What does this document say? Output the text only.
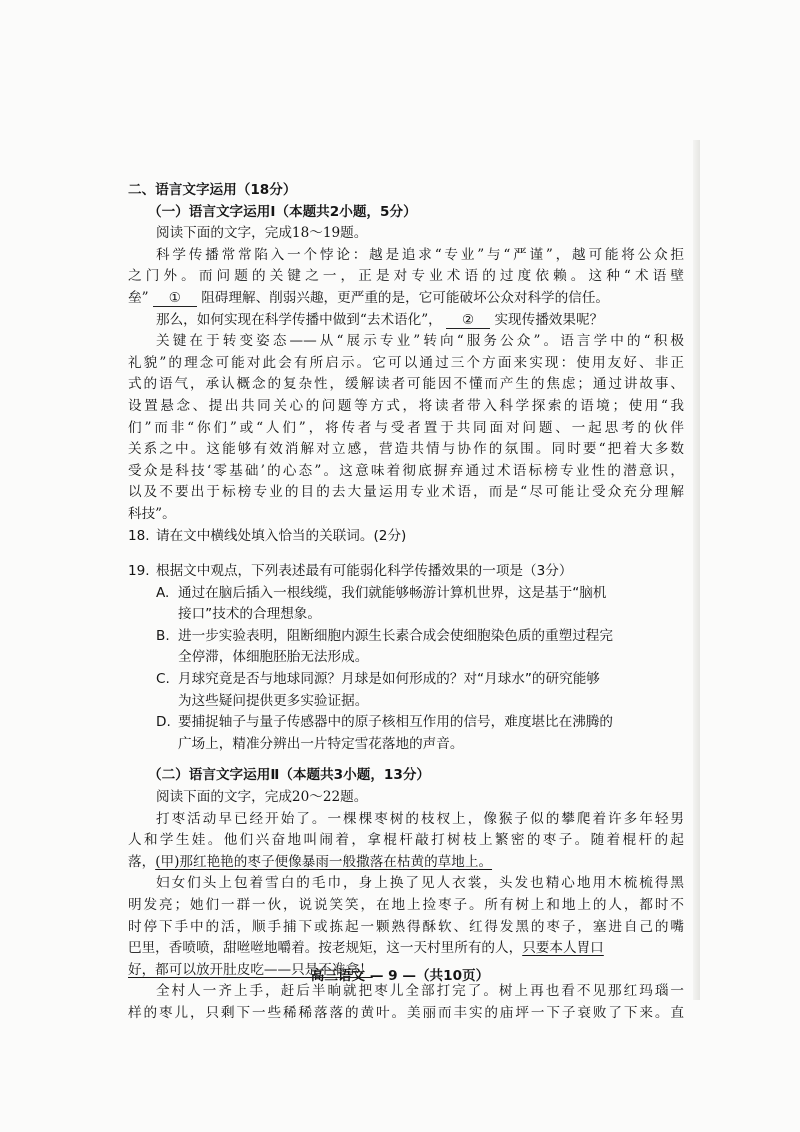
二、语言文字运用（18分）
（一）语言文字运用Ⅰ（本题共2小题，5分）
阅读下面的文字，完成18～19题。
科学传播常常陷入一个悖论：越是追求“专业”与“严谨”，越可能将公众拒
之门外。而问题的关键之一，正是对专业术语的过度依赖。这种“术语壁
垒” ① 阻碍理解、削弱兴趣，更严重的是，它可能破坏公众对科学的信任。
那么，如何实现在科学传播中做到“去术语化”， ② 实现传播效果呢？
关键在于转变姿态——从“展示专业”转向“服务公众”。语言学中的“积极
礼貌”的理念可能对此会有所启示。它可以通过三个方面来实现：使用友好、非正
式的语气，承认概念的复杂性，缓解读者可能因不懂而产生的焦虑；通过讲故事、
设置悬念、提出共同关心的问题等方式，将读者带入科学探索的语境；使用“我
们”而非“你们”或“人们”，将传者与受者置于共同面对问题、一起思考的伙伴
关系之中。这能够有效消解对立感，营造共情与协作的氛围。同时要“把着大多数
受众是科技‘零基础’的心态”。这意味着彻底摒弃通过术语标榜专业性的潜意识，
以及不要出于标榜专业的目的去大量运用专业术语，而是“尽可能让受众充分理解
科技”。
18. 请在文中横线处填入恰当的关联词。(2分)
19. 根据文中观点，下列表述最有可能弱化科学传播效果的一项是（3分）
A. 通过在脑后插入一根线缆，我们就能够畅游计算机世界，这是基于“脑机
接口”技术的合理想象。
B. 进一步实验表明，阻断细胞内源生长素合成会使细胞染色质的重塑过程完
全停滞，体细胞胚胎无法形成。
C. 月球究竟是否与地球同源？月球是如何形成的？对“月球水”的研究能够
为这些疑问提供更多实验证据。
D. 要捕捉轴子与量子传感器中的原子核相互作用的信号，难度堪比在沸腾的
广场上，精准分辨出一片特定雪花落地的声音。
（二）语言文字运用Ⅱ（本题共3小题，13分）
阅读下面的文字，完成20～22题。
打枣活动早已经开始了。一棵棵枣树的枝杈上，像猴子似的攀爬着许多年轻男
人和学生娃。他们兴奋地叫闹着，拿棍杆敲打树枝上繁密的枣子。随着棍杆的起
落，(甲)那红艳艳的枣子便像暴雨一般撒落在枯黄的草地上。
妇女们头上包着雪白的毛巾，身上换了见人衣裳，头发也精心地用木梳梳得黑
明发亮；她们一群一伙，说说笑笑，在地上捡枣子。所有树上和地上的人，都时不
时停下手中的活，顺手捕下或拣起一颗熟得酥软、红得发黑的枣子，塞进自己的嘴
巴里，香喷喷，甜咝咝地嚼着。按老规矩，这一天村里所有的人，只要本人胃口
好，都可以放开肚皮吃——只是不准拿！
全村人一齐上手，赶后半晌就把枣儿全部打完了。树上再也看不见那红玛瑙一
样的枣儿，只剩下一些稀稀落落的黄叶。美丽而丰实的庙坪一下子衰败了下来。直
高三语文 — 9 —（共10页）
